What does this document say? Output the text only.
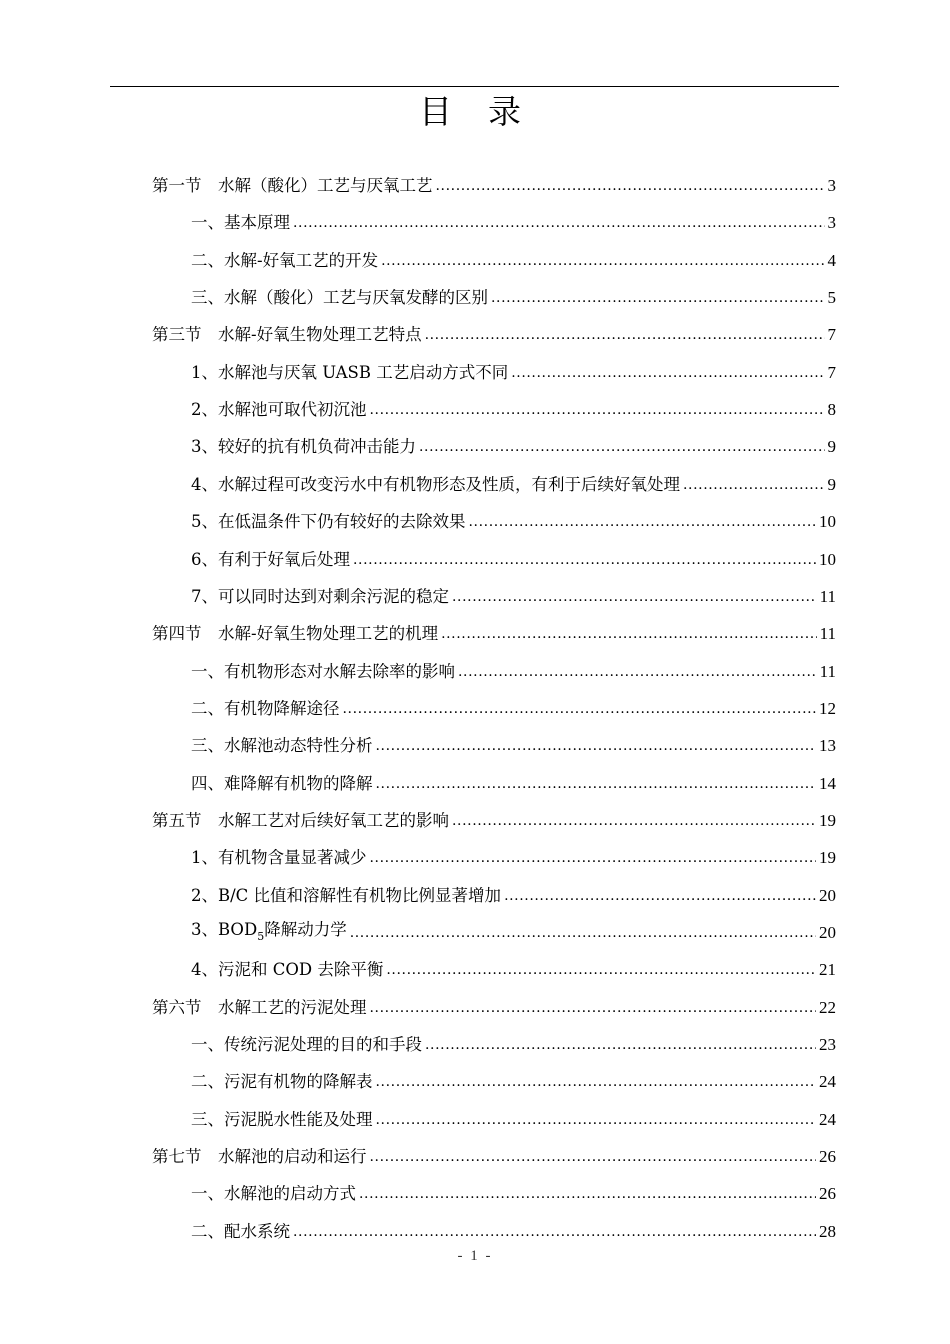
目录
第一节　水解（酸化）工艺与厌氧工艺 .....	3
一、基本原理 .....	3
二、水解-好氧工艺的开发 .....	4
三、水解（酸化）工艺与厌氧发酵的区别 .....	5
第三节　水解-好氧生物处理工艺特点 .....	7
1、水解池与厌氧 UASB 工艺启动方式不同 .....	7
2、水解池可取代初沉池 .....	8
3、较好的抗有机负荷冲击能力 .....	9
4、水解过程可改变污水中有机物形态及性质，有利于后续好氧处理 .....	9
5、在低温条件下仍有较好的去除效果 .....	10
6、有利于好氧后处理 .....	10
7、可以同时达到对剩余污泥的稳定 .....	11
第四节　水解-好氧生物处理工艺的机理 .....	11
一、有机物形态对水解去除率的影响 .....	11
二、有机物降解途径 .....	12
三、水解池动态特性分析 .....	13
四、难降解有机物的降解 .....	14
第五节　水解工艺对后续好氧工艺的影响 .....	19
1、有机物含量显著减少 .....	19
2、B/C 比值和溶解性有机物比例显著增加 .....	20
3、$BOD_5$降解动力学 .....	20
4、污泥和 COD 去除平衡 .....	21
第六节　水解工艺的污泥处理 .....	22
一、传统污泥处理的目的和手段 .....	23
二、污泥有机物的降解表 .....	24
三、污泥脱水性能及处理 .....	24
第七节　水解池的启动和运行 .....	26
一、水解池的启动方式 .....	26
二、配水系统 .....	28
- 1 -
